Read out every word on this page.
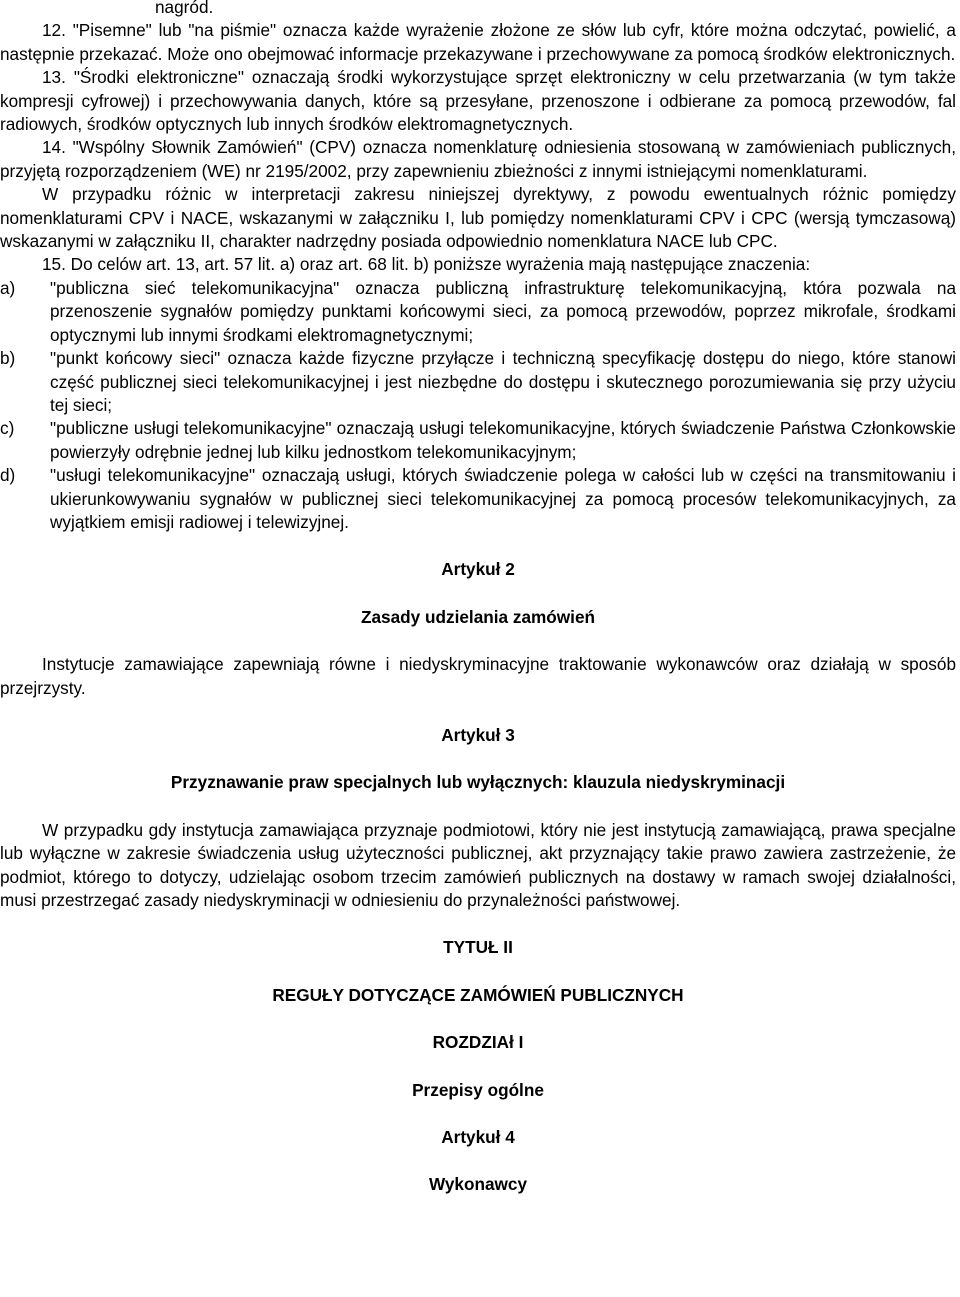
nagród.

12. "Pisemne" lub "na piśmie" oznacza każde wyrażenie złożone ze słów lub cyfr, które można odczytać, powielić, a następnie przekazać. Może ono obejmować informacje przekazywane i przechowywane za pomocą środków elektronicznych.

13. "Środki elektroniczne" oznaczają środki wykorzystujące sprzęt elektroniczny w celu przetwarzania (w tym także kompresji cyfrowej) i przechowywania danych, które są przesyłane, przenoszone i odbierane za pomocą przewodów, fal radiowych, środków optycznych lub innych środków elektromagnetycznych.

14. "Wspólny Słownik Zamówień" (CPV) oznacza nomenklaturę odniesienia stosowaną w zamówieniach publicznych, przyjętą rozporządzeniem (WE) nr 2195/2002, przy zapewnieniu zbieżności z innymi istniejącymi nomenklaturami.

W przypadku różnic w interpretacji zakresu niniejszej dyrektywy, z powodu ewentualnych różnic pomiędzy nomenklaturami CPV i NACE, wskazanymi w załączniku I, lub pomiędzy nomenklaturami CPV i CPC (wersją tymczasową) wskazanymi w załączniku II, charakter nadrzędny posiada odpowiednio nomenklatura NACE lub CPC.

15. Do celów art. 13, art. 57 lit. a) oraz art. 68 lit. b) poniższe wyrażenia mają następujące znaczenia:

a)	"publiczna sieć telekomunikacyjna" oznacza publiczną infrastrukturę telekomunikacyjną, która pozwala na przenoszenie sygnałów pomiędzy punktami końcowymi sieci, za pomocą przewodów, poprzez mikrofale, środkami optycznymi lub innymi środkami elektromagnetycznymi;
b)	"punkt końcowy sieci" oznacza każde fizyczne przyłącze i techniczną specyfikację dostępu do niego, które stanowi część publicznej sieci telekomunikacyjnej i jest niezbędne do dostępu i skutecznego porozumiewania się przy użyciu tej sieci;
c)	"publiczne usługi telekomunikacyjne" oznaczają usługi telekomunikacyjne, których świadczenie Państwa Członkowskie powierzyły odrębnie jednej lub kilku jednostkom telekomunikacyjnym;
d)	"usługi telekomunikacyjne" oznaczają usługi, których świadczenie polega w całości lub w części na transmitowaniu i ukierunkowywaniu sygnałów w publicznej sieci telekomunikacyjnej za pomocą procesów telekomunikacyjnych, za wyjątkiem emisji radiowej i telewizyjnej.

Artykuł 2

Zasady udzielania zamówień

Instytucje zamawiające zapewniają równe i niedyskryminacyjne traktowanie wykonawców oraz działają w sposób przejrzysty.

Artykuł 3

Przyznawanie praw specjalnych lub wyłącznych: klauzula niedyskryminacji

W przypadku gdy instytucja zamawiająca przyznaje podmiotowi, który nie jest instytucją zamawiającą, prawa specjalne lub wyłączne w zakresie świadczenia usług użyteczności publicznej, akt przyznający takie prawo zawiera zastrzeżenie, że podmiot, którego to dotyczy, udzielając osobom trzecim zamówień publicznych na dostawy w ramach swojej działalności, musi przestrzegać zasady niedyskryminacji w odniesieniu do przynależności państwowej.

TYTUŁ II

REGUŁY DOTYCZĄCE ZAMÓWIEŃ PUBLICZNYCH

ROZDZIAł I

Przepisy ogólne

Artykuł 4

Wykonawcy
